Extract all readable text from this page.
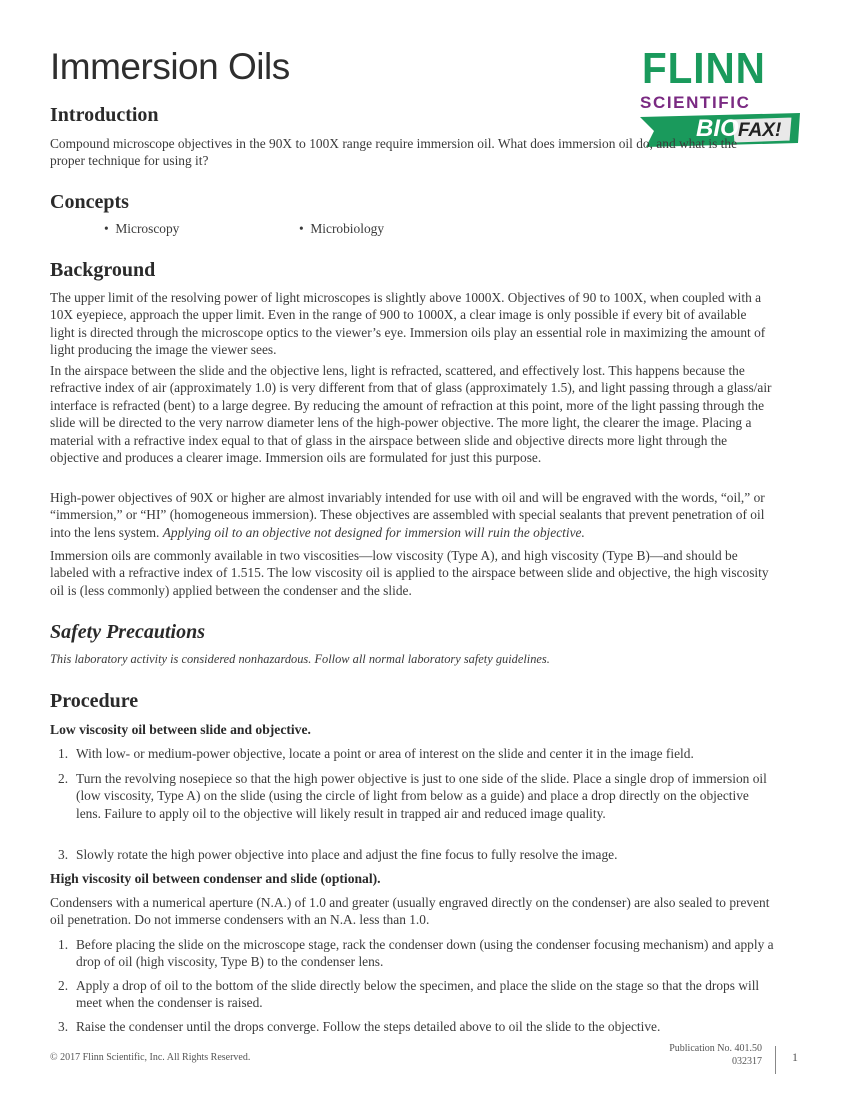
Immersion Oils	FLINN
SCIENTIFIC
BIO FAX!
Introduction

Compound microscope objectives in the 90X to 100X range require immersion oil. What does immersion oil do, and what is the proper technique for using it?

Concepts
•  Microscopy	•  Microbiology
Background

The upper limit of the resolving power of light microscopes is slightly above 1000X. Objectives of 90 to 100X, when coupled with a 10X eyepiece, approach the upper limit. Even in the range of 900 to 1000X, a clear image is only possible if every bit of available light is directed through the microscope optics to the viewer’s eye. Immersion oils play an essential role in maximizing the amount of light producing the image the viewer sees.

In the airspace between the slide and the objective lens, light is refracted, scattered, and effectively lost. This happens because the refractive index of air (approximately 1.0) is very different from that of glass (approximately 1.5), and light passing through a glass/air interface is refracted (bent) to a large degree. By reducing the amount of refraction at this point, more of the light passing through the slide will be directed to the very narrow diameter lens of the high-power objective. The more light, the clearer the image. Placing a material with a refractive index equal to that of glass in the airspace between slide and objective directs more light through the objective and produces a clearer image. Immersion oils are formulated for just this purpose.

High-power objectives of 90X or higher are almost invariably intended for use with oil and will be engraved with the words, “oil,” or “immersion,” or “HI” (homogeneous immersion). These objectives are assembled with special sealants that prevent penetration of oil into the lens system. Applying oil to an objective not designed for immersion will ruin the objective.

Immersion oils are commonly available in two viscosities—low viscosity (Type A), and high viscosity (Type B)—and should be labeled with a refractive index of 1.515. The low viscosity oil is applied to the airspace between slide and objective, the high viscosity oil is (less commonly) applied between the condenser and the slide.

Safety Precautions

This laboratory activity is considered nonhazardous. Follow all normal laboratory safety guidelines.

Procedure

Low viscosity oil between slide and objective.

1. With low- or medium-power objective, locate a point or area of interest on the slide and center it in the image field.
2. Turn the revolving nosepiece so that the high power objective is just to one side of the slide. Place a single drop of immersion oil (low viscosity, Type A) on the slide (using the circle of light from below as a guide) and place a drop directly on the objective lens. Failure to apply oil to the objective will likely result in trapped air and reduced image quality.
3. Slowly rotate the high power objective into place and adjust the fine focus to fully resolve the image.

High viscosity oil between condenser and slide (optional).

Condensers with a numerical aperture (N.A.) of 1.0 and greater (usually engraved directly on the condenser) are also sealed to prevent oil penetration. Do not immerse condensers with an N.A. less than 1.0.

1. Before placing the slide on the microscope stage, rack the condenser down (using the condenser focusing mechanism) and apply a drop of oil (high viscosity, Type B) to the condenser lens.
2. Apply a drop of oil to the bottom of the slide directly below the specimen, and place the slide on the stage so that the drops will meet when the condenser is raised.
3. Raise the condenser until the drops converge. Follow the steps detailed above to oil the slide to the objective.
© 2017 Flinn Scientific, Inc. All Rights Reserved.
Publication No. 401.50
032317	1
